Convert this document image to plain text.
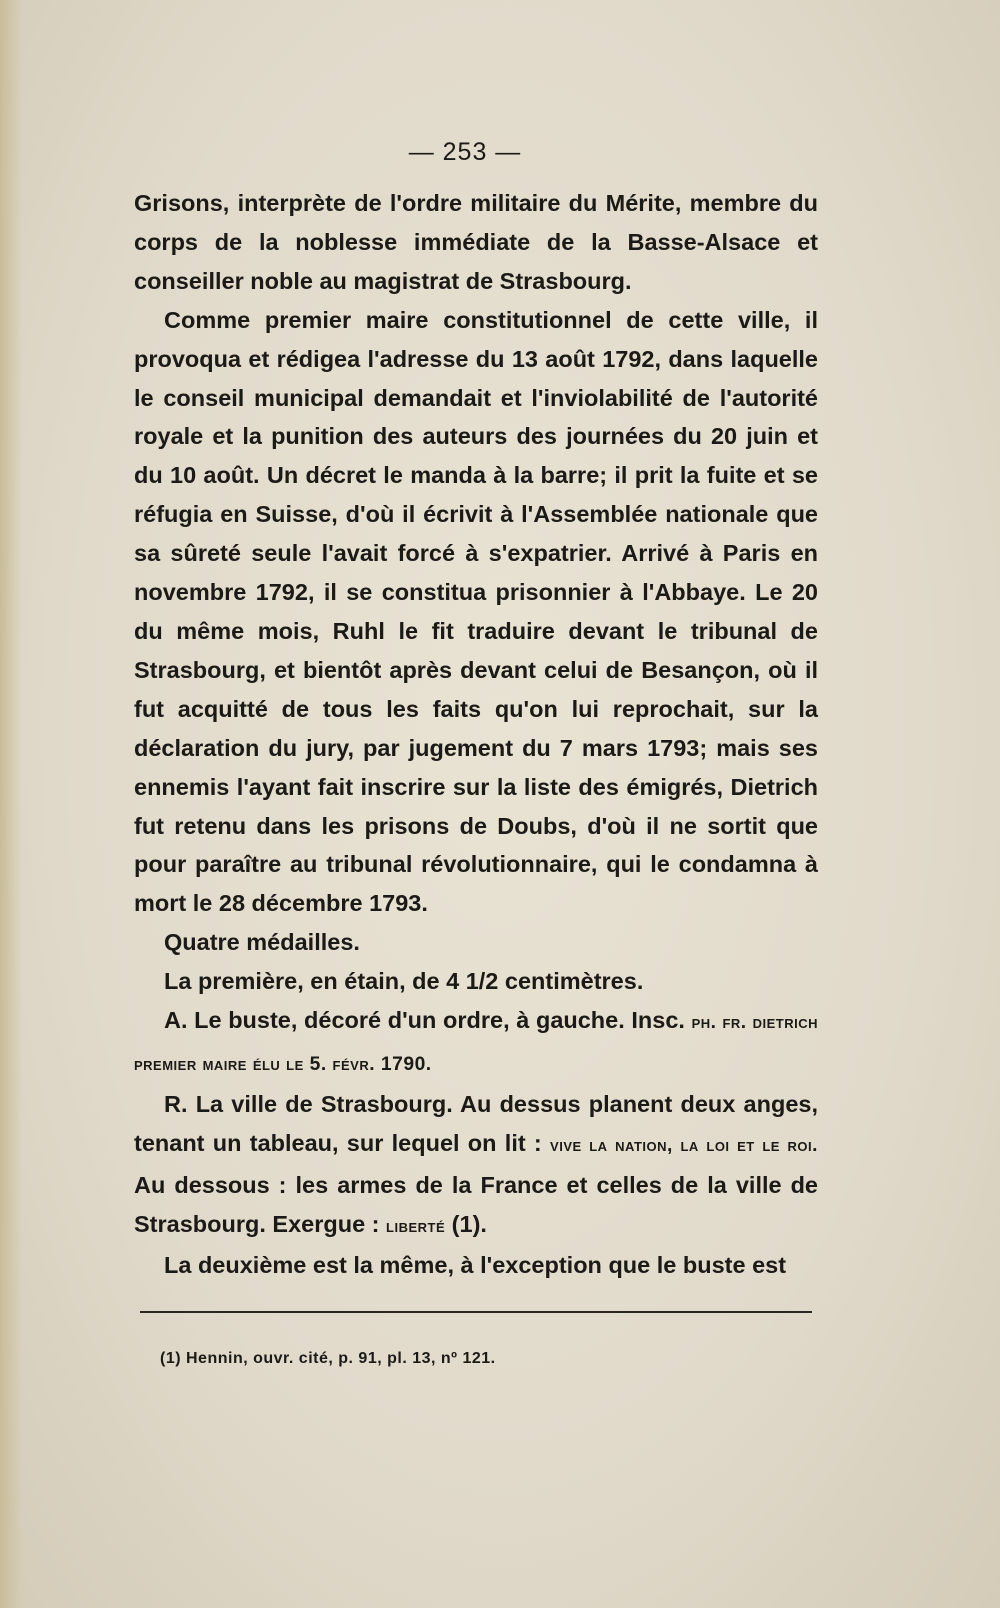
— 253 —

Grisons, interprète de l'ordre militaire du Mérite, membre du corps de la noblesse immédiate de la Basse-Alsace et conseiller noble au magistrat de Strasbourg.

Comme premier maire constitutionnel de cette ville, il provoqua et rédigea l'adresse du 13 août 1792, dans laquelle le conseil municipal demandait et l'inviolabilité de l'autorité royale et la punition des auteurs des journées du 20 juin et du 10 août. Un décret le manda à la barre; il prit la fuite et se réfugia en Suisse, d'où il écrivit à l'Assemblée nationale que sa sûreté seule l'avait forcé à s'expatrier. Arrivé à Paris en novembre 1792, il se constitua prisonnier à l'Abbaye. Le 20 du même mois, Ruhl le fit traduire devant le tribunal de Strasbourg, et bientôt après devant celui de Besançon, où il fut acquitté de tous les faits qu'on lui reprochait, sur la déclaration du jury, par jugement du 7 mars 1793; mais ses ennemis l'ayant fait inscrire sur la liste des émigrés, Dietrich fut retenu dans les prisons de Doubs, d'où il ne sortit que pour paraître au tribunal révolutionnaire, qui le condamna à mort le 28 décembre 1793.

Quatre médailles.

La première, en étain, de 4 1/2 centimètres.

A. Le buste, décoré d'un ordre, à gauche. Insc. ph. fr. dietrich premier maire élu le 5. févr. 1790.

R. La ville de Strasbourg. Au dessus planent deux anges, tenant un tableau, sur lequel on lit : vive la nation, la loi et le roi. Au dessous : les armes de la France et celles de la ville de Strasbourg. Exergue : liberté (1).

La deuxième est la même, à l'exception que le buste est

(1) Hennin, ouvr. cité, p. 91, pl. 13, nº 121.
